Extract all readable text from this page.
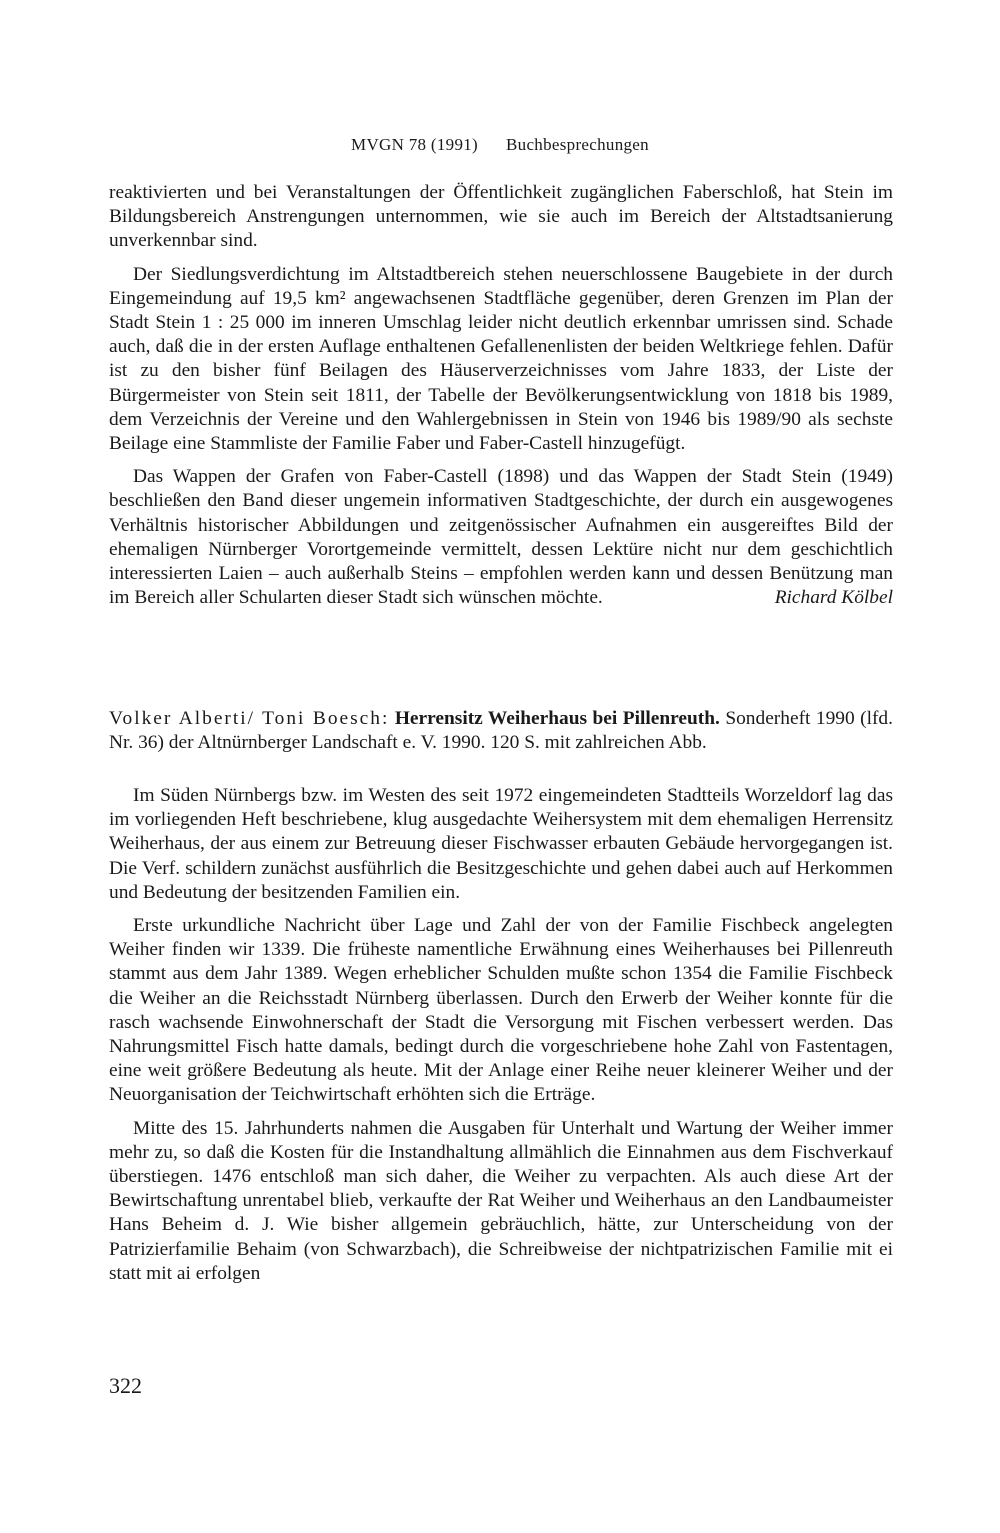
MVGN 78 (1991) Buchbesprechungen

reaktivierten und bei Veranstaltungen der Öffentlichkeit zugänglichen Faberschloß, hat Stein im Bildungsbereich Anstrengungen unternommen, wie sie auch im Bereich der Altstadtsanierung unverkennbar sind.

Der Siedlungsverdichtung im Altstadtbereich stehen neuerschlossene Baugebiete in der durch Eingemeindung auf 19,5 km² angewachsenen Stadtfläche gegenüber, deren Grenzen im Plan der Stadt Stein 1 : 25 000 im inneren Umschlag leider nicht deutlich erkennbar umrissen sind. Schade auch, daß die in der ersten Auflage enthaltenen Gefallenenlisten der beiden Weltkriege fehlen. Dafür ist zu den bisher fünf Beilagen des Häuserverzeichnisses vom Jahre 1833, der Liste der Bürgermeister von Stein seit 1811, der Tabelle der Bevölkerungsentwicklung von 1818 bis 1989, dem Verzeichnis der Vereine und den Wahlergebnissen in Stein von 1946 bis 1989/90 als sechste Beilage eine Stammliste der Familie Faber und Faber-Castell hinzugefügt.

Das Wappen der Grafen von Faber-Castell (1898) und das Wappen der Stadt Stein (1949) beschließen den Band dieser ungemein informativen Stadtgeschichte, der durch ein ausgewogenes Verhältnis historischer Abbildungen und zeitgenössischer Aufnahmen ein ausgereiftes Bild der ehemaligen Nürnberger Vorortgemeinde vermittelt, dessen Lektüre nicht nur dem geschichtlich interessierten Laien – auch außerhalb Steins – empfohlen werden kann und dessen Benützung man im Bereich aller Schularten dieser Stadt sich wünschen möchte.	Richard Kölbel

Volker Alberti/ Toni Boesch: Herrensitz Weiherhaus bei Pillenreuth. Sonderheft 1990 (lfd. Nr. 36) der Altnürnberger Landschaft e. V. 1990. 120 S. mit zahlreichen Abb.

Im Süden Nürnbergs bzw. im Westen des seit 1972 eingemeindeten Stadtteils Worzeldorf lag das im vorliegenden Heft beschriebene, klug ausgedachte Weihersystem mit dem ehemaligen Herrensitz Weiherhaus, der aus einem zur Betreuung dieser Fischwasser erbauten Gebäude hervorgegangen ist. Die Verf. schildern zunächst ausführlich die Besitzgeschichte und gehen dabei auch auf Herkommen und Bedeutung der besitzenden Familien ein.

Erste urkundliche Nachricht über Lage und Zahl der von der Familie Fischbeck angelegten Weiher finden wir 1339. Die früheste namentliche Erwähnung eines Weiherhauses bei Pillenreuth stammt aus dem Jahr 1389. Wegen erheblicher Schulden mußte schon 1354 die Familie Fischbeck die Weiher an die Reichsstadt Nürnberg überlassen. Durch den Erwerb der Weiher konnte für die rasch wachsende Einwohnerschaft der Stadt die Versorgung mit Fischen verbessert werden. Das Nahrungsmittel Fisch hatte damals, bedingt durch die vorgeschriebene hohe Zahl von Fastentagen, eine weit größere Bedeutung als heute. Mit der Anlage einer Reihe neuer kleinerer Weiher und der Neuorganisation der Teichwirtschaft erhöhten sich die Erträge.

Mitte des 15. Jahrhunderts nahmen die Ausgaben für Unterhalt und Wartung der Weiher immer mehr zu, so daß die Kosten für die Instandhaltung allmählich die Einnahmen aus dem Fischverkauf überstiegen. 1476 entschloß man sich daher, die Weiher zu verpachten. Als auch diese Art der Bewirtschaftung unrentabel blieb, verkaufte der Rat Weiher und Weiherhaus an den Landbaumeister Hans Beheim d. J. Wie bisher allgemein gebräuchlich, hätte, zur Unterscheidung von der Patrizierfamilie Behaim (von Schwarzbach), die Schreibweise der nichtpatrizischen Familie mit ei statt mit ai erfolgen

322
